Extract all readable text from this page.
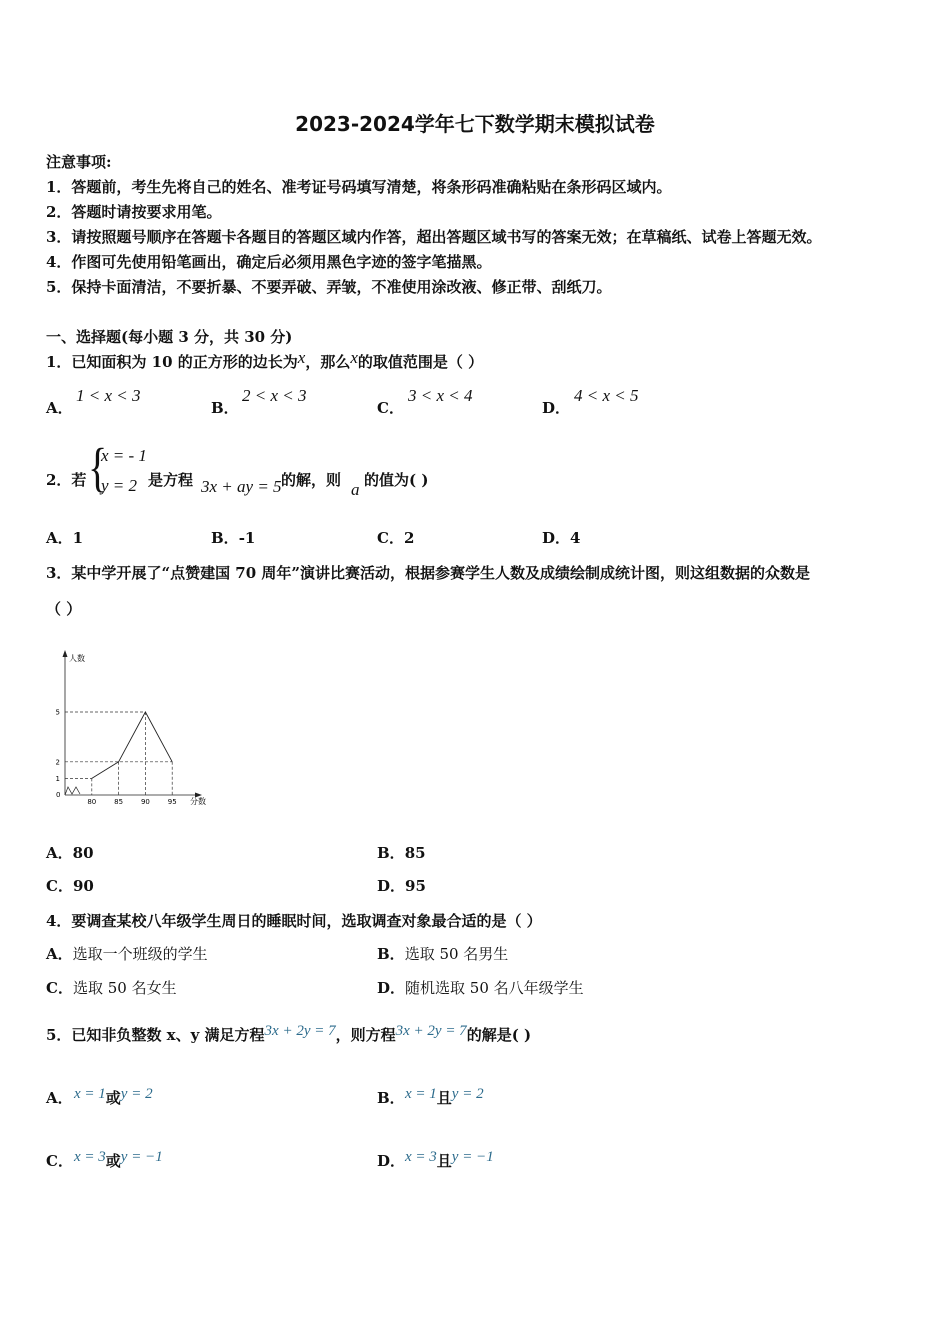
2023-2024学年七下数学期末模拟试卷
注意事项:
1．答题前，考生先将自己的姓名、准考证号码填写清楚，将条形码准确粘贴在条形码区域内。
2．答题时请按要求用笔。
3．请按照题号顺序在答题卡各题目的答题区域内作答，超出答题区域书写的答案无效；在草稿纸、试卷上答题无效。
4．作图可先使用铅笔画出，确定后必须用黑色字迹的签字笔描黑。
5．保持卡面清洁，不要折暴、不要弄破、弄皱，不准使用涂改液、修正带、刮纸刀。
一、选择题(每小题 3 分，共 30 分)
1．已知面积为 10 的正方形的边长为x，那么x的取值范围是（ ）
A．
1 < x < 3
B．
2 < x < 3
C．
3 < x < 4
D．
4 < x < 5
2．若 {
x = - 1
y = 2 是方程 3x + ay = 5 的解，则 a 的值为( )
A．1	B．-1	C．2	D．4
3．某中学开展了“点赞建国 70 周年”演讲比赛活动，根据参赛学生人数及成绩绘制成统计图，则这组数据的众数是
（ ）
80	85	90	95
1
2
5
人数
分数
0
A．80	B．85
C．90	D．95
4．要调查某校八年级学生周日的睡眠时间，选取调查对象最合适的是（ ）
A．选取一个班级的学生	B．选取 50 名男生
C．选取 50 名女生	D．随机选取 50 名八年级学生
5．已知非负整数 x、y 满足方程3x + 2y = 7，则方程3x + 2y = 7的解是( )
A． x = 1或y = 2	B． x = 1且y = 2
C． x = 3或y = −1	D． x = 3且y = −1
